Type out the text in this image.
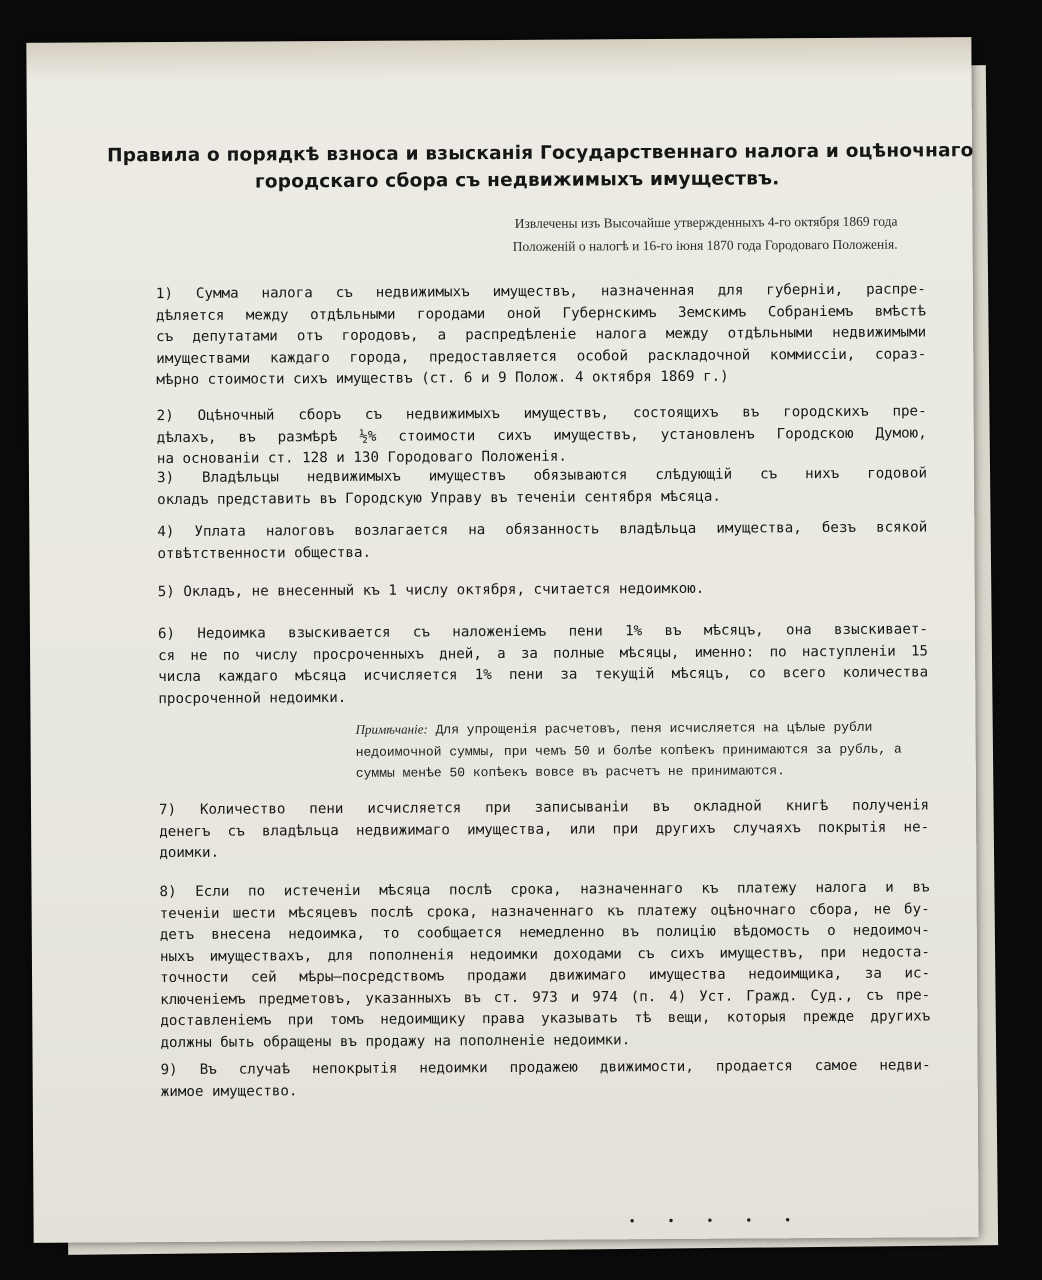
Правила о порядкѣ взноса и взысканія Государственнаго налога и оцѣночнаго
городскаго сбора съ недвижимыхъ имуществъ.
Извлечены изъ Высочайше утвержденныхъ 4-го октября 1869 года
Положеній о налогѣ и 16-го іюня 1870 года Городоваго Положенія.
1) Сумма налога съ недвижимыхъ имуществъ, назначенная для губерніи, распре-
дѣляется между отдѣльными городами оной Губернскимъ Земскимъ Собраніемъ вмѣстѣ
съ депутатами отъ городовъ, а распредѣленіе налога между отдѣльными недвижимыми
имуществами каждаго города, предоставляется особой раскладочной коммиссіи, сораз-
мѣрно стоимости сихъ имуществъ (ст. 6 и 9 Полож. 4 октября 1869 г.)
2) Оцѣночный сборъ съ недвижимыхъ имуществъ, состоящихъ въ городскихъ пре-
дѣлахъ, въ размѣрѣ ½% стоимости сихъ имуществъ, установленъ Городскою Думою,
на основаніи ст. 128 и 130 Городоваго Положенія.
3) Владѣльцы недвижимыхъ имуществъ обязываются слѣдующій съ нихъ годовой
окладъ представить въ Городскую Управу въ теченіи сентября мѣсяца.
4) Уплата налоговъ возлагается на обязанность владѣльца имущества, безъ всякой
отвѣтственности общества.
5) Окладъ, не внесенный къ 1 числу октября, считается недоимкою.
6) Недоимка взыскивается съ наложеніемъ пени 1% въ мѣсяцъ, она взыскивает-
ся не по числу просроченныхъ дней, а за полные мѣсяцы, именно: по наступленіи 15
числа каждаго мѣсяца исчисляется 1% пени за текущій мѣсяцъ, со всего количества
просроченной недоимки.
Примѣчаніе: Для упрощенія расчетовъ, пеня исчисляется на цѣлые рубли
недоимочной суммы, при чемъ 50 и болѣе копѣекъ принимаются за рубль, а
суммы менѣе 50 копѣекъ вовсе въ расчетъ не принимаются.
7) Количество пени исчисляется при записываніи въ окладной книгѣ полученія
денегъ съ владѣльца недвижимаго имущества, или при другихъ случаяхъ покрытія не-
доимки.
8) Если по истеченіи мѣсяца послѣ срока, назначеннаго къ платежу налога и въ
теченіи шести мѣсяцевъ послѣ срока, назначеннаго къ платежу оцѣночнаго сбора, не бу-
детъ внесена недоимка, то сообщается немедленно въ полицію вѣдомость о недоимоч-
ныхъ имуществахъ, для пополненія недоимки доходами съ сихъ имуществъ, при недоста-
точности сей мѣры—посредствомъ продажи движимаго имущества недоимщика, за ис-
ключеніемъ предметовъ, указанныхъ въ ст. 973 и 974 (п. 4) Уст. Гражд. Суд., съ пре-
доставленіемъ при томъ недоимщику права указывать тѣ вещи, которыя прежде другихъ
должны быть обращены въ продажу на пополненіе недоимки.
9) Въ случаѣ непокрытія недоимки продажею движимости, продается самое недви-
жимое имущество.
• • • • •
